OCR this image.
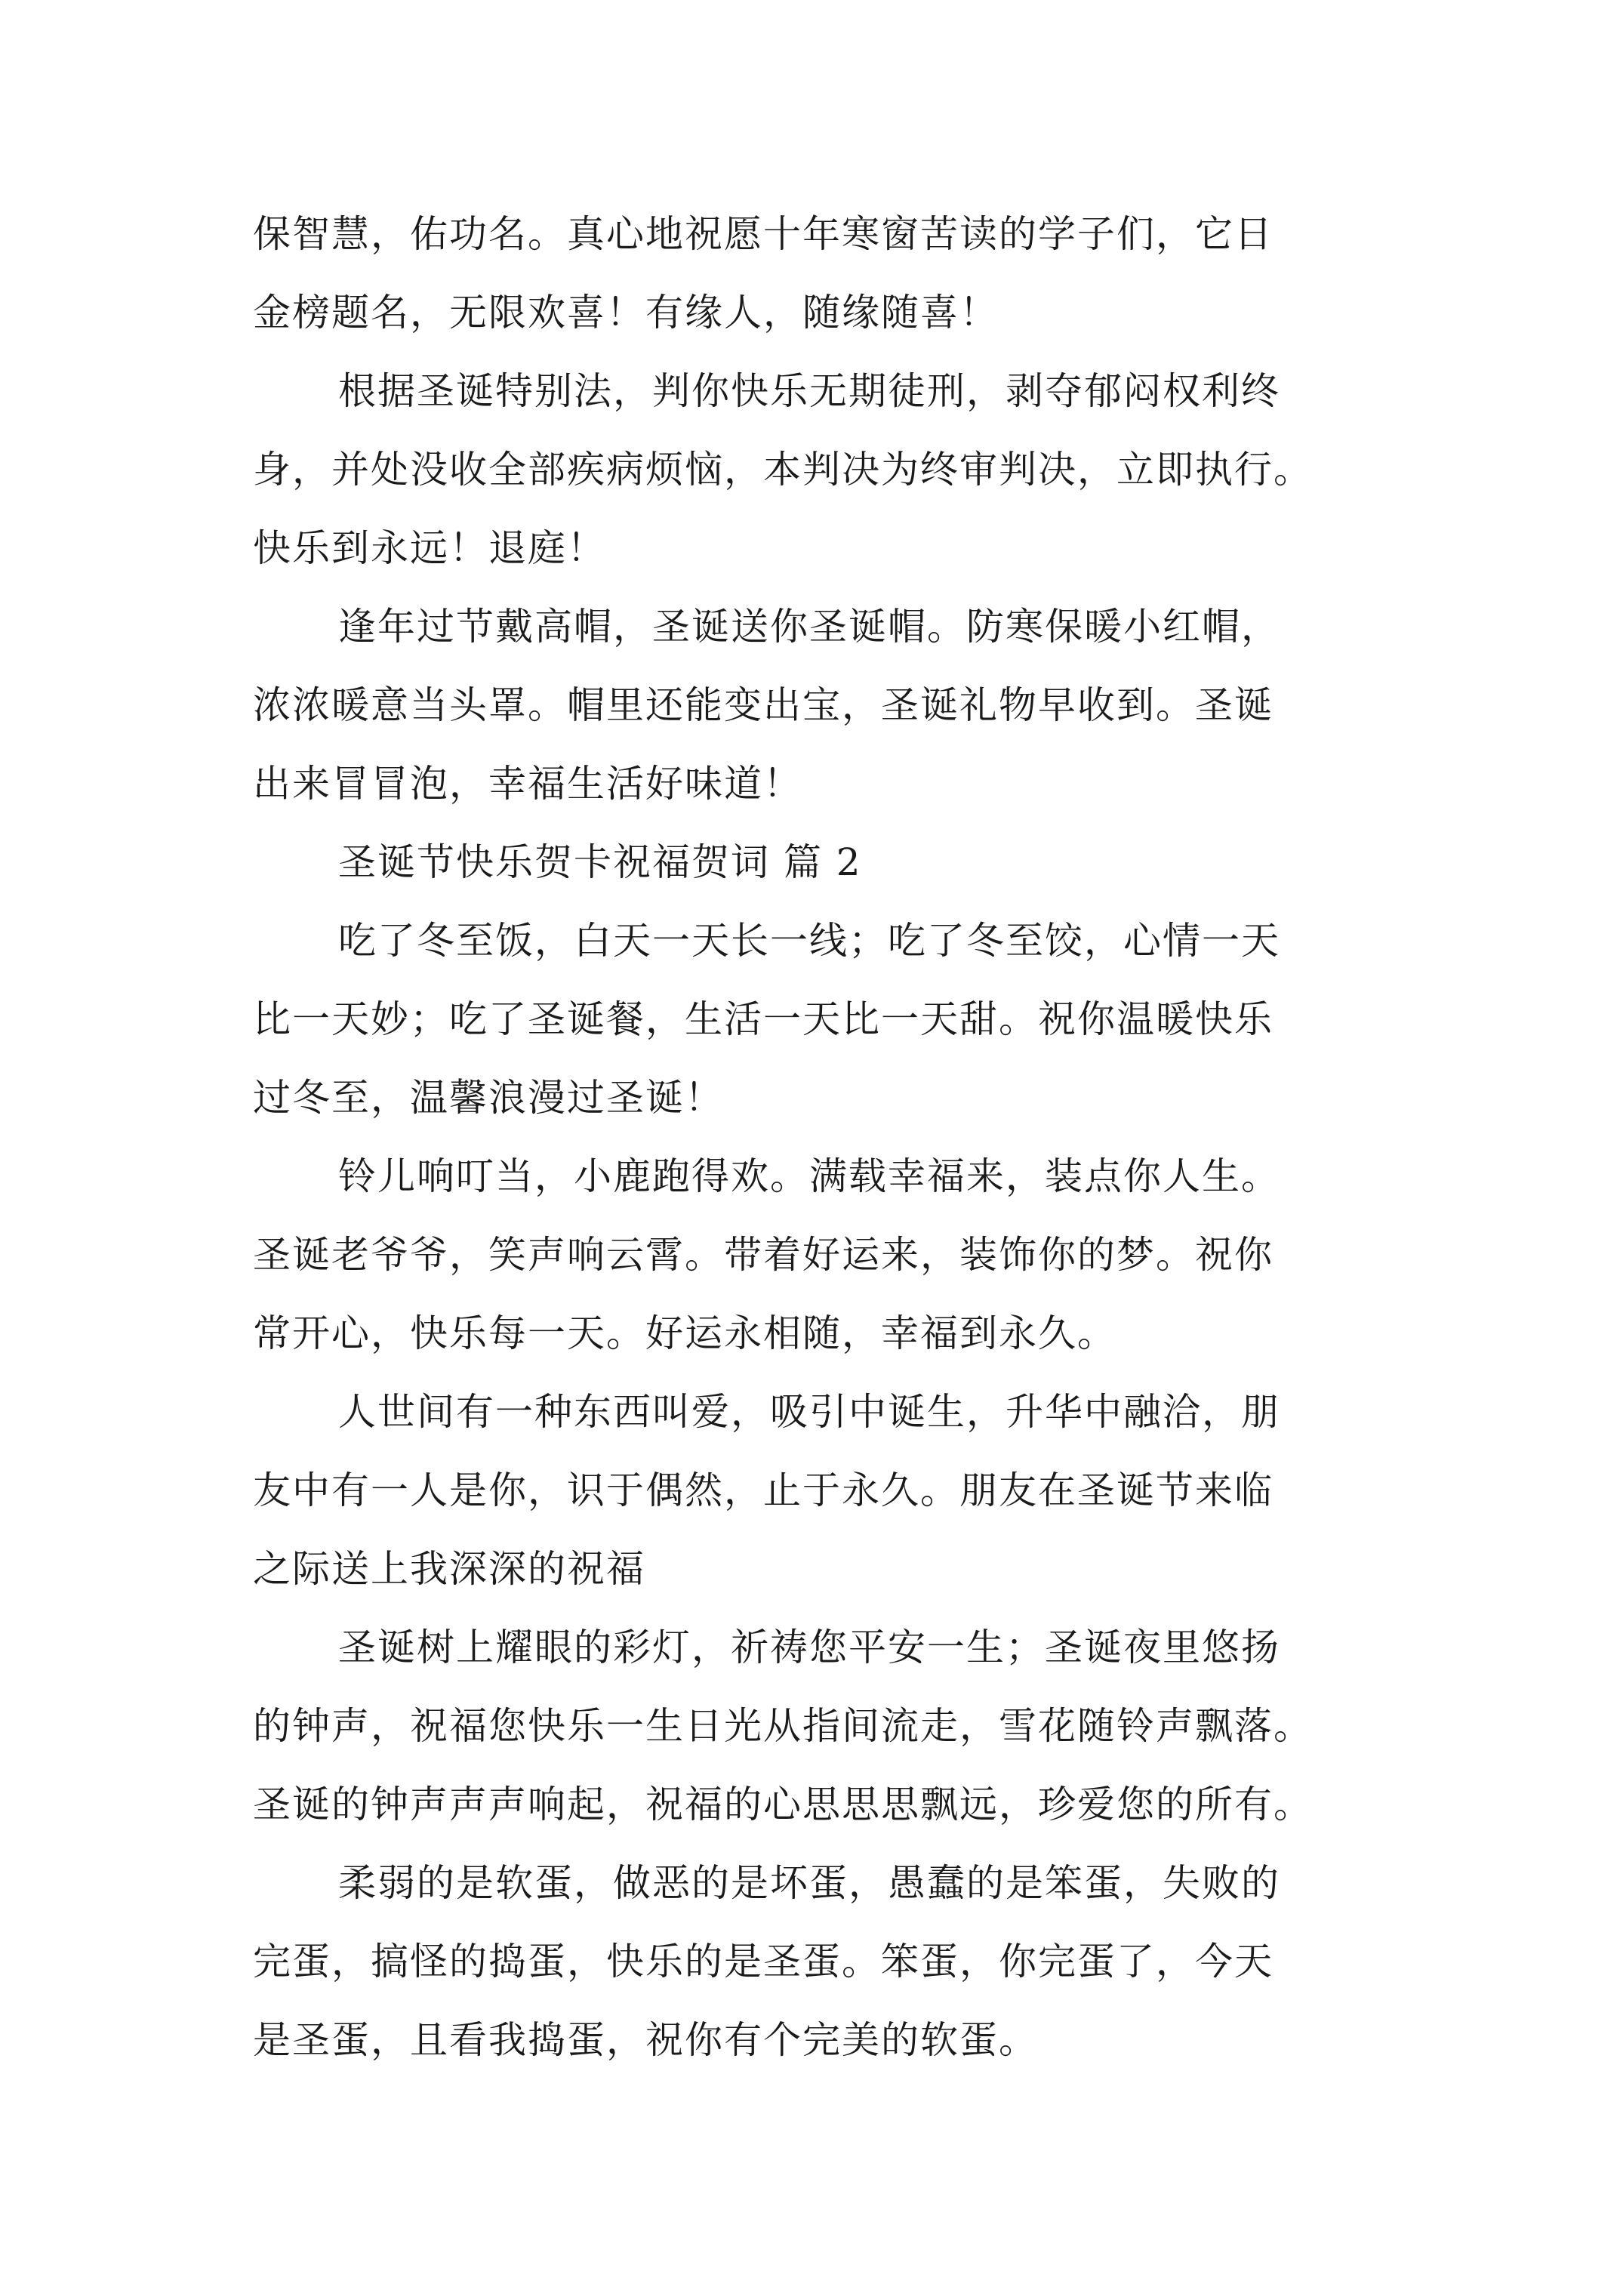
保智慧，佑功名。真心地祝愿十年寒窗苦读的学子们，它日
金榜题名，无限欢喜！有缘人，随缘随喜！
根据圣诞特别法，判你快乐无期徒刑，剥夺郁闷权利终
身，并处没收全部疾病烦恼，本判决为终审判决，立即执行。
快乐到永远！退庭！
逢年过节戴高帽，圣诞送你圣诞帽。防寒保暖小红帽，
浓浓暖意当头罩。帽里还能变出宝，圣诞礼物早收到。圣诞
出来冒冒泡，幸福生活好味道！
圣诞节快乐贺卡祝福贺词 篇 2
吃了冬至饭，白天一天长一线；吃了冬至饺，心情一天
比一天妙；吃了圣诞餐，生活一天比一天甜。祝你温暖快乐
过冬至，温馨浪漫过圣诞！
铃儿响叮当，小鹿跑得欢。满载幸福来，装点你人生。
圣诞老爷爷，笑声响云霄。带着好运来，装饰你的梦。祝你
常开心，快乐每一天。好运永相随，幸福到永久。
人世间有一种东西叫爱，吸引中诞生，升华中融洽，朋
友中有一人是你，识于偶然，止于永久。朋友在圣诞节来临
之际送上我深深的祝福
圣诞树上耀眼的彩灯，祈祷您平安一生；圣诞夜里悠扬
的钟声，祝福您快乐一生日光从指间流走，雪花随铃声飘落。
圣诞的钟声声声响起，祝福的心思思思飘远，珍爱您的所有。
柔弱的是软蛋，做恶的是坏蛋，愚蠢的是笨蛋，失败的
完蛋，搞怪的捣蛋，快乐的是圣蛋。笨蛋，你完蛋了，今天
是圣蛋，且看我捣蛋，祝你有个完美的软蛋。
